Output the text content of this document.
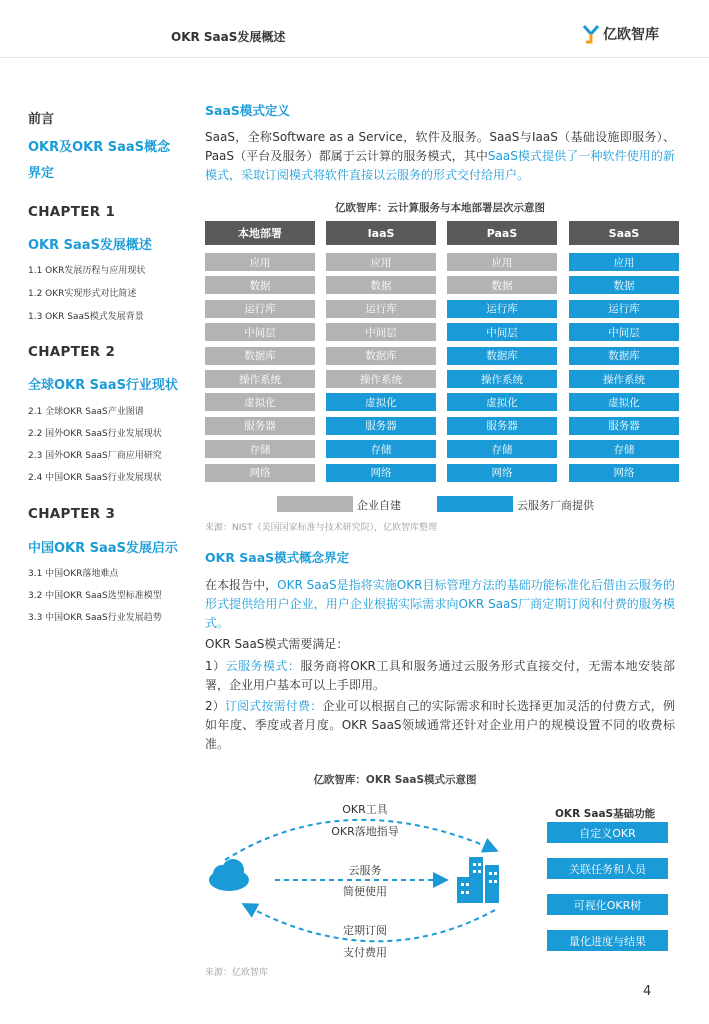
OKR SaaS发展概述	亿欧智库
前言
OKR及OKR SaaS概念
界定
CHAPTER 1
OKR SaaS发展概述
1.1 OKR发展历程与应用现状
1.2 OKR实现形式对比简述
1.3 OKR SaaS模式发展背景
CHAPTER 2
全球OKR SaaS行业现状
2.1 全球OKR SaaS产业图谱
2.2 国外OKR SaaS行业发展现状
2.3 国外OKR SaaS厂商应用研究
2.4 中国OKR SaaS行业发展现状
CHAPTER 3
中国OKR SaaS发展启示
3.1 中国OKR落地难点
3.2 中国OKR SaaS选型标准模型
3.3 中国OKR SaaS行业发展趋势
SaaS模式定义
SaaS，全称Software as a Service，软件及服务。SaaS与IaaS（基础设施即服务）、PaaS（平台及服务）都属于云计算的服务模式，其中SaaS模式提供了一种软件使用的新模式，采取订阅模式将软件直接以云服务的形式交付给用户。
亿欧智库：云计算服务与本地部署层次示意图
企业自建	云服务厂商提供
来源：NIST（美国国家标准与技术研究院），亿欧智库整理
OKR SaaS模式概念界定
在本报告中，OKR SaaS是指将实施OKR目标管理方法的基础功能标准化后借由云服务的形式提供给用户企业，用户企业根据实际需求向OKR SaaS厂商定期订阅和付费的服务模式。
OKR SaaS模式需要满足：
1）云服务模式：服务商将OKR工具和服务通过云服务形式直接交付，无需本地安装部署，企业用户基本可以上手即用。
2）订阅式按需付费：企业可以根据自己的实际需求和时长选择更加灵活的付费方式，例如年度、季度或者月度。OKR SaaS领域通常还针对企业用户的规模设置不同的收费标准。
亿欧智库：OKR SaaS模式示意图
OKR工具
OKR落地指导
云服务
简便使用
定期订阅
支付费用
OKR SaaS基础功能
自定义OKR
关联任务和人员
可视化OKR树
量化进度与结果
来源：亿欧智库
本地部署
应用
数据
运行库
中间层
数据库
操作系统
虚拟化
服务器
存储
网络
IaaS
应用
数据
运行库
中间层
数据库
操作系统
虚拟化
服务器
存储
网络
PaaS
应用
数据
运行库
中间层
数据库
操作系统
虚拟化
服务器
存储
网络
SaaS
应用
数据
运行库
中间层
数据库
操作系统
虚拟化
服务器
存储
网络
4
